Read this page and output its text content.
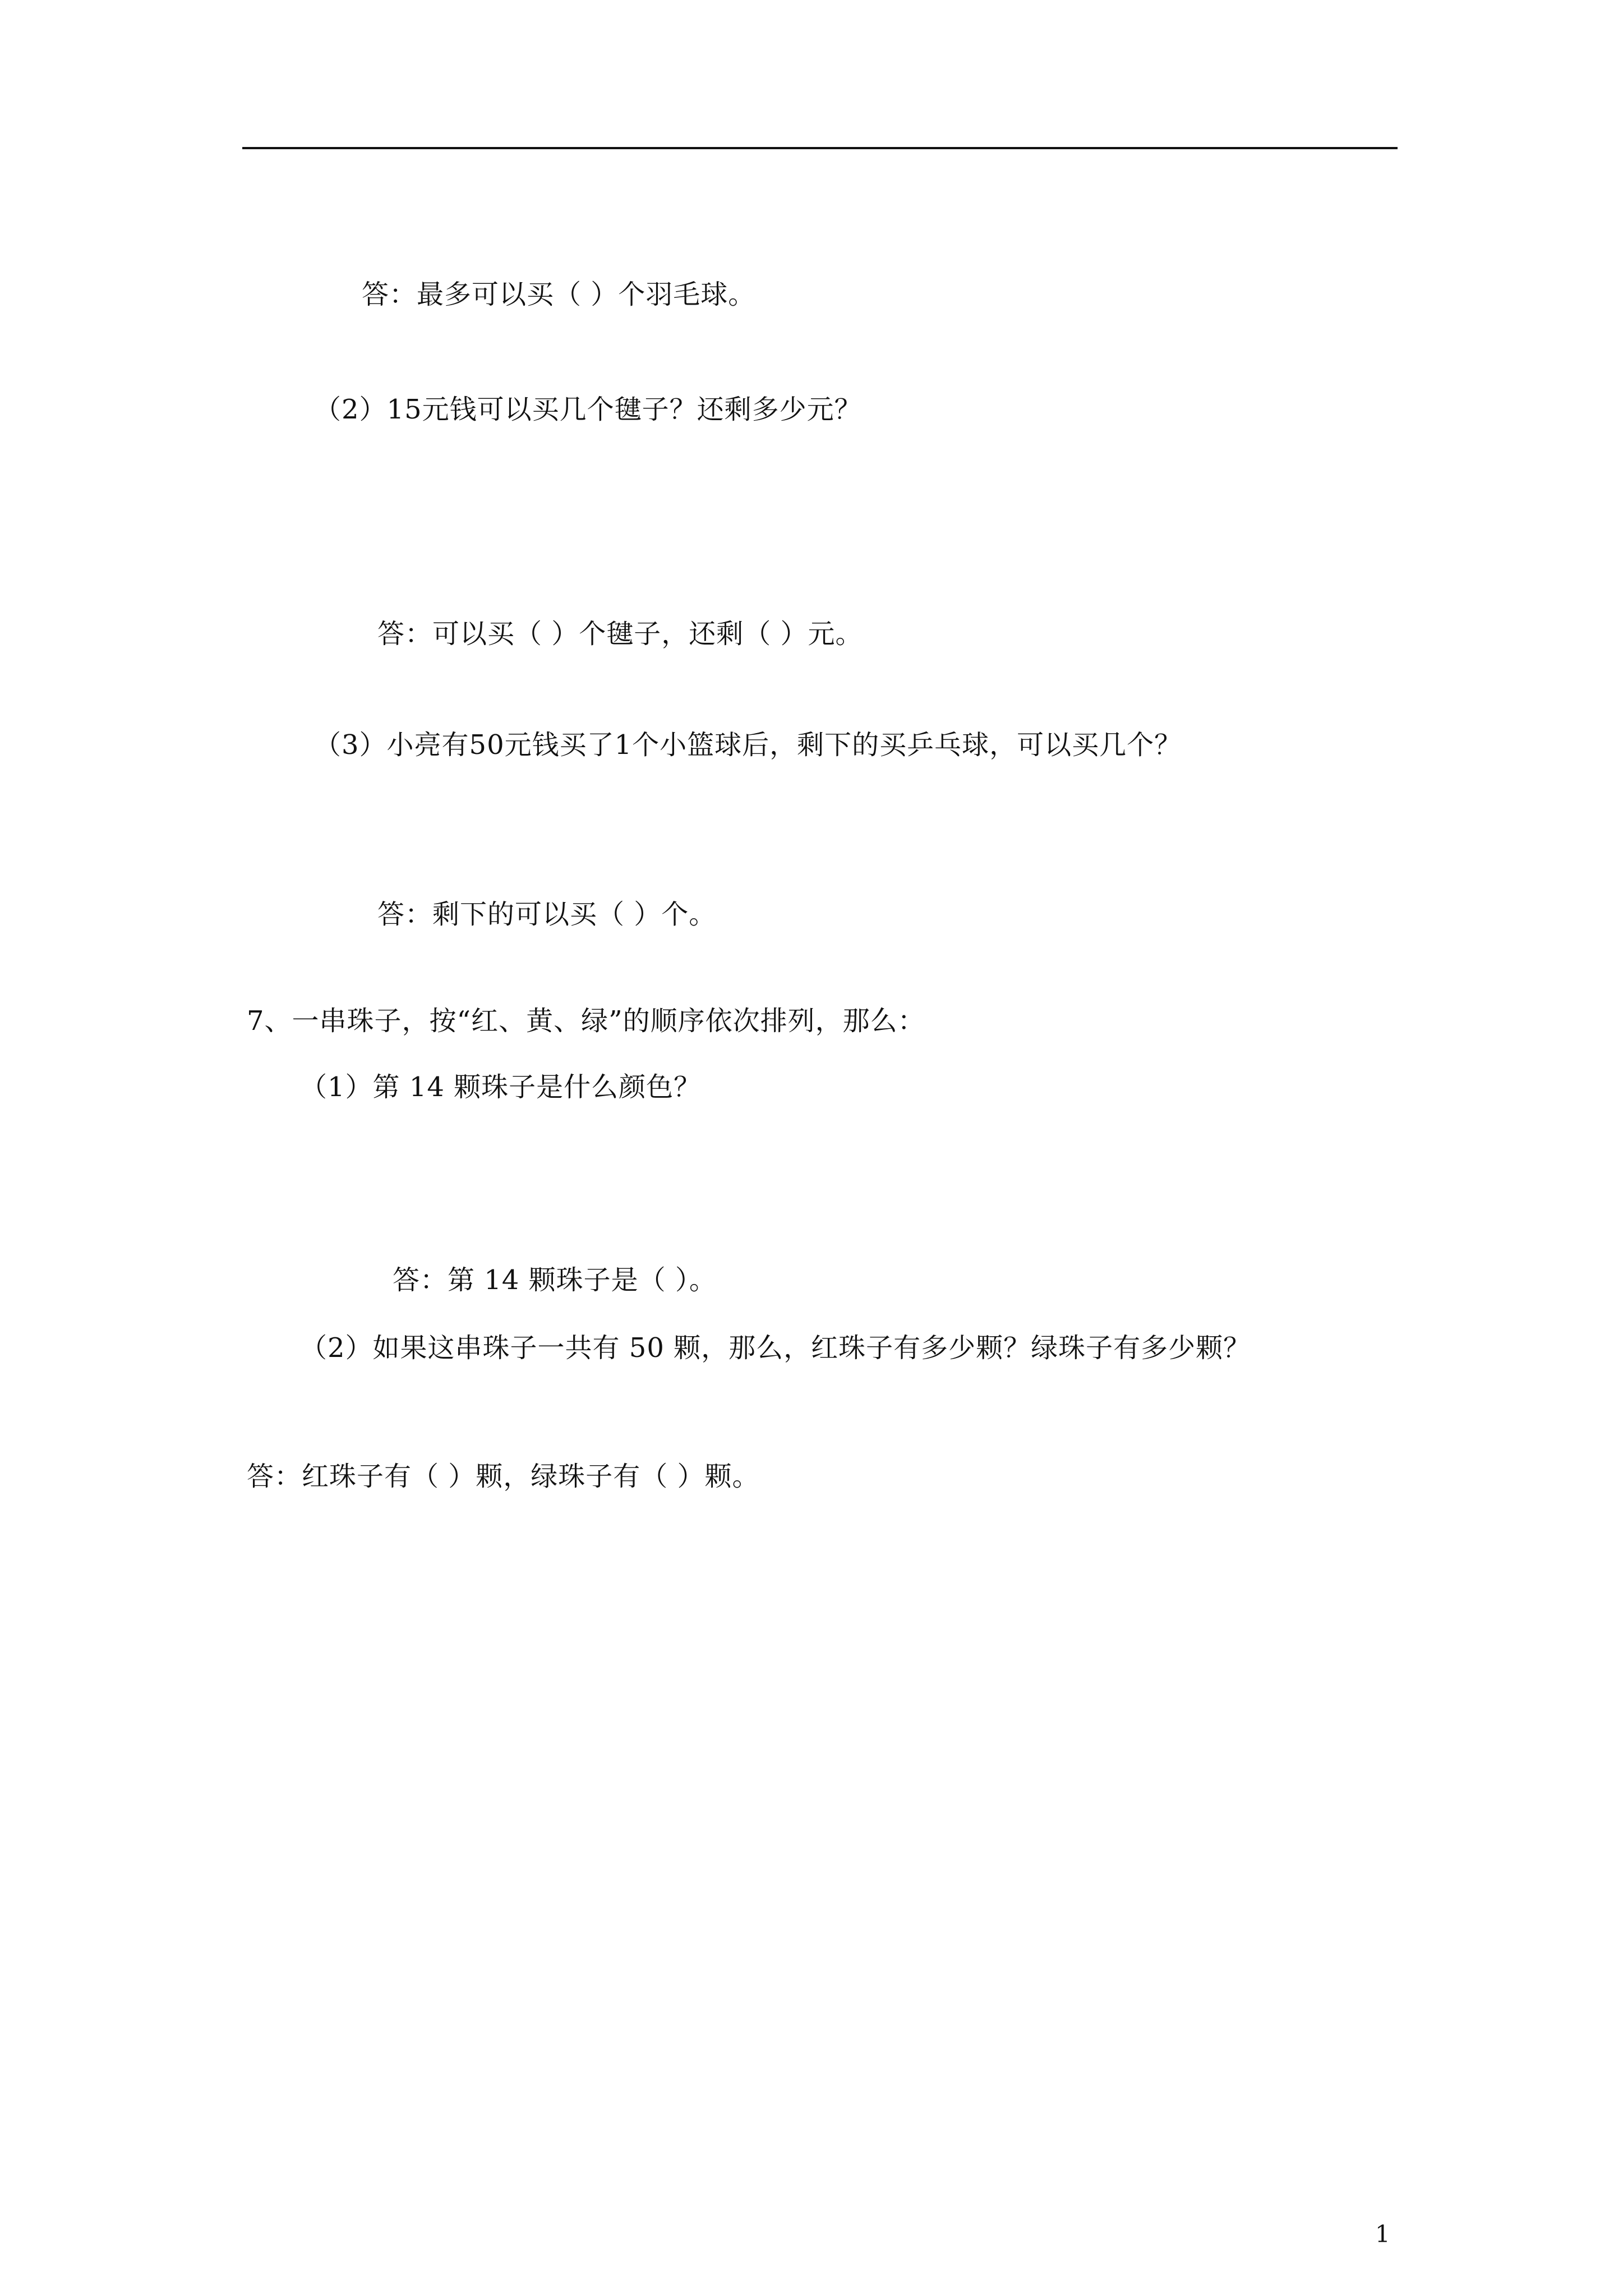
答：最多可以买（ ）个羽毛球。
（2）15元钱可以买几个毽子？还剩多少元？
答：可以买（ ）个毽子，还剩（ ）元。
（3）小亮有50元钱买了1个小篮球后，剩下的买乒乓球，可以买几个？
答：剩下的可以买（ ）个。
7、一串珠子，按“红、黄、绿”的顺序依次排列，那么：
（1）第 14 颗珠子是什么颜色？
答：第 14 颗珠子是（ ）。
（2）如果这串珠子一共有 50 颗，那么，红珠子有多少颗？绿珠子有多少颗？
答：红珠子有（ ）颗，绿珠子有（ ）颗。
1
